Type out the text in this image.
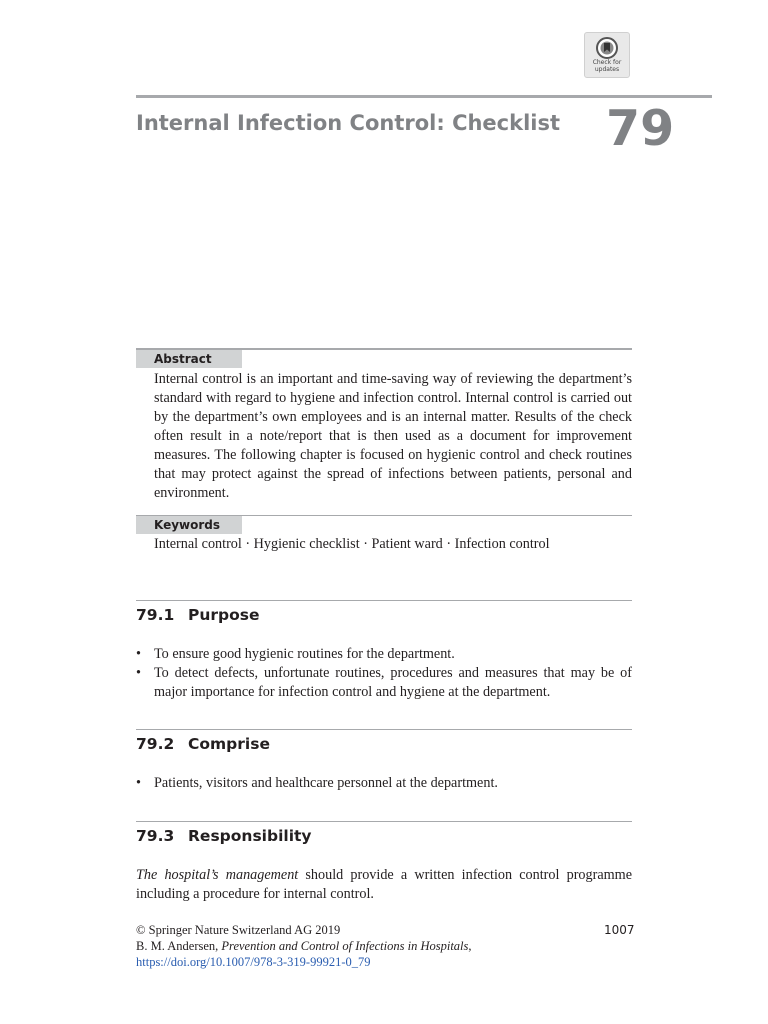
Check for
updates
Internal Infection Control: Checklist 79
Abstract
Internal control is an important and time-saving way of reviewing the department’s standard with regard to hygiene and infection control. Internal control is carried out by the department’s own employees and is an internal matter. Results of the check often result in a note/report that is then used as a document for improvement measures. The following chapter is focused on hygienic control and check routines that may protect against the spread of infections between patients, personal and environment.
Keywords
Internal control · Hygienic checklist · Patient ward · Infection control
79.1 Purpose
• To ensure good hygienic routines for the department.
• To detect defects, unfortunate routines, procedures and measures that may be of major importance for infection control and hygiene at the department.
79.2 Comprise
• Patients, visitors and healthcare personnel at the department.
79.3 Responsibility
The hospital’s management should provide a written infection control programme including a procedure for internal control.
© Springer Nature Switzerland AG 2019
B. M. Andersen, Prevention and Control of Infections in Hospitals,
https://doi.org/10.1007/978-3-319-99921-0_79
1007
